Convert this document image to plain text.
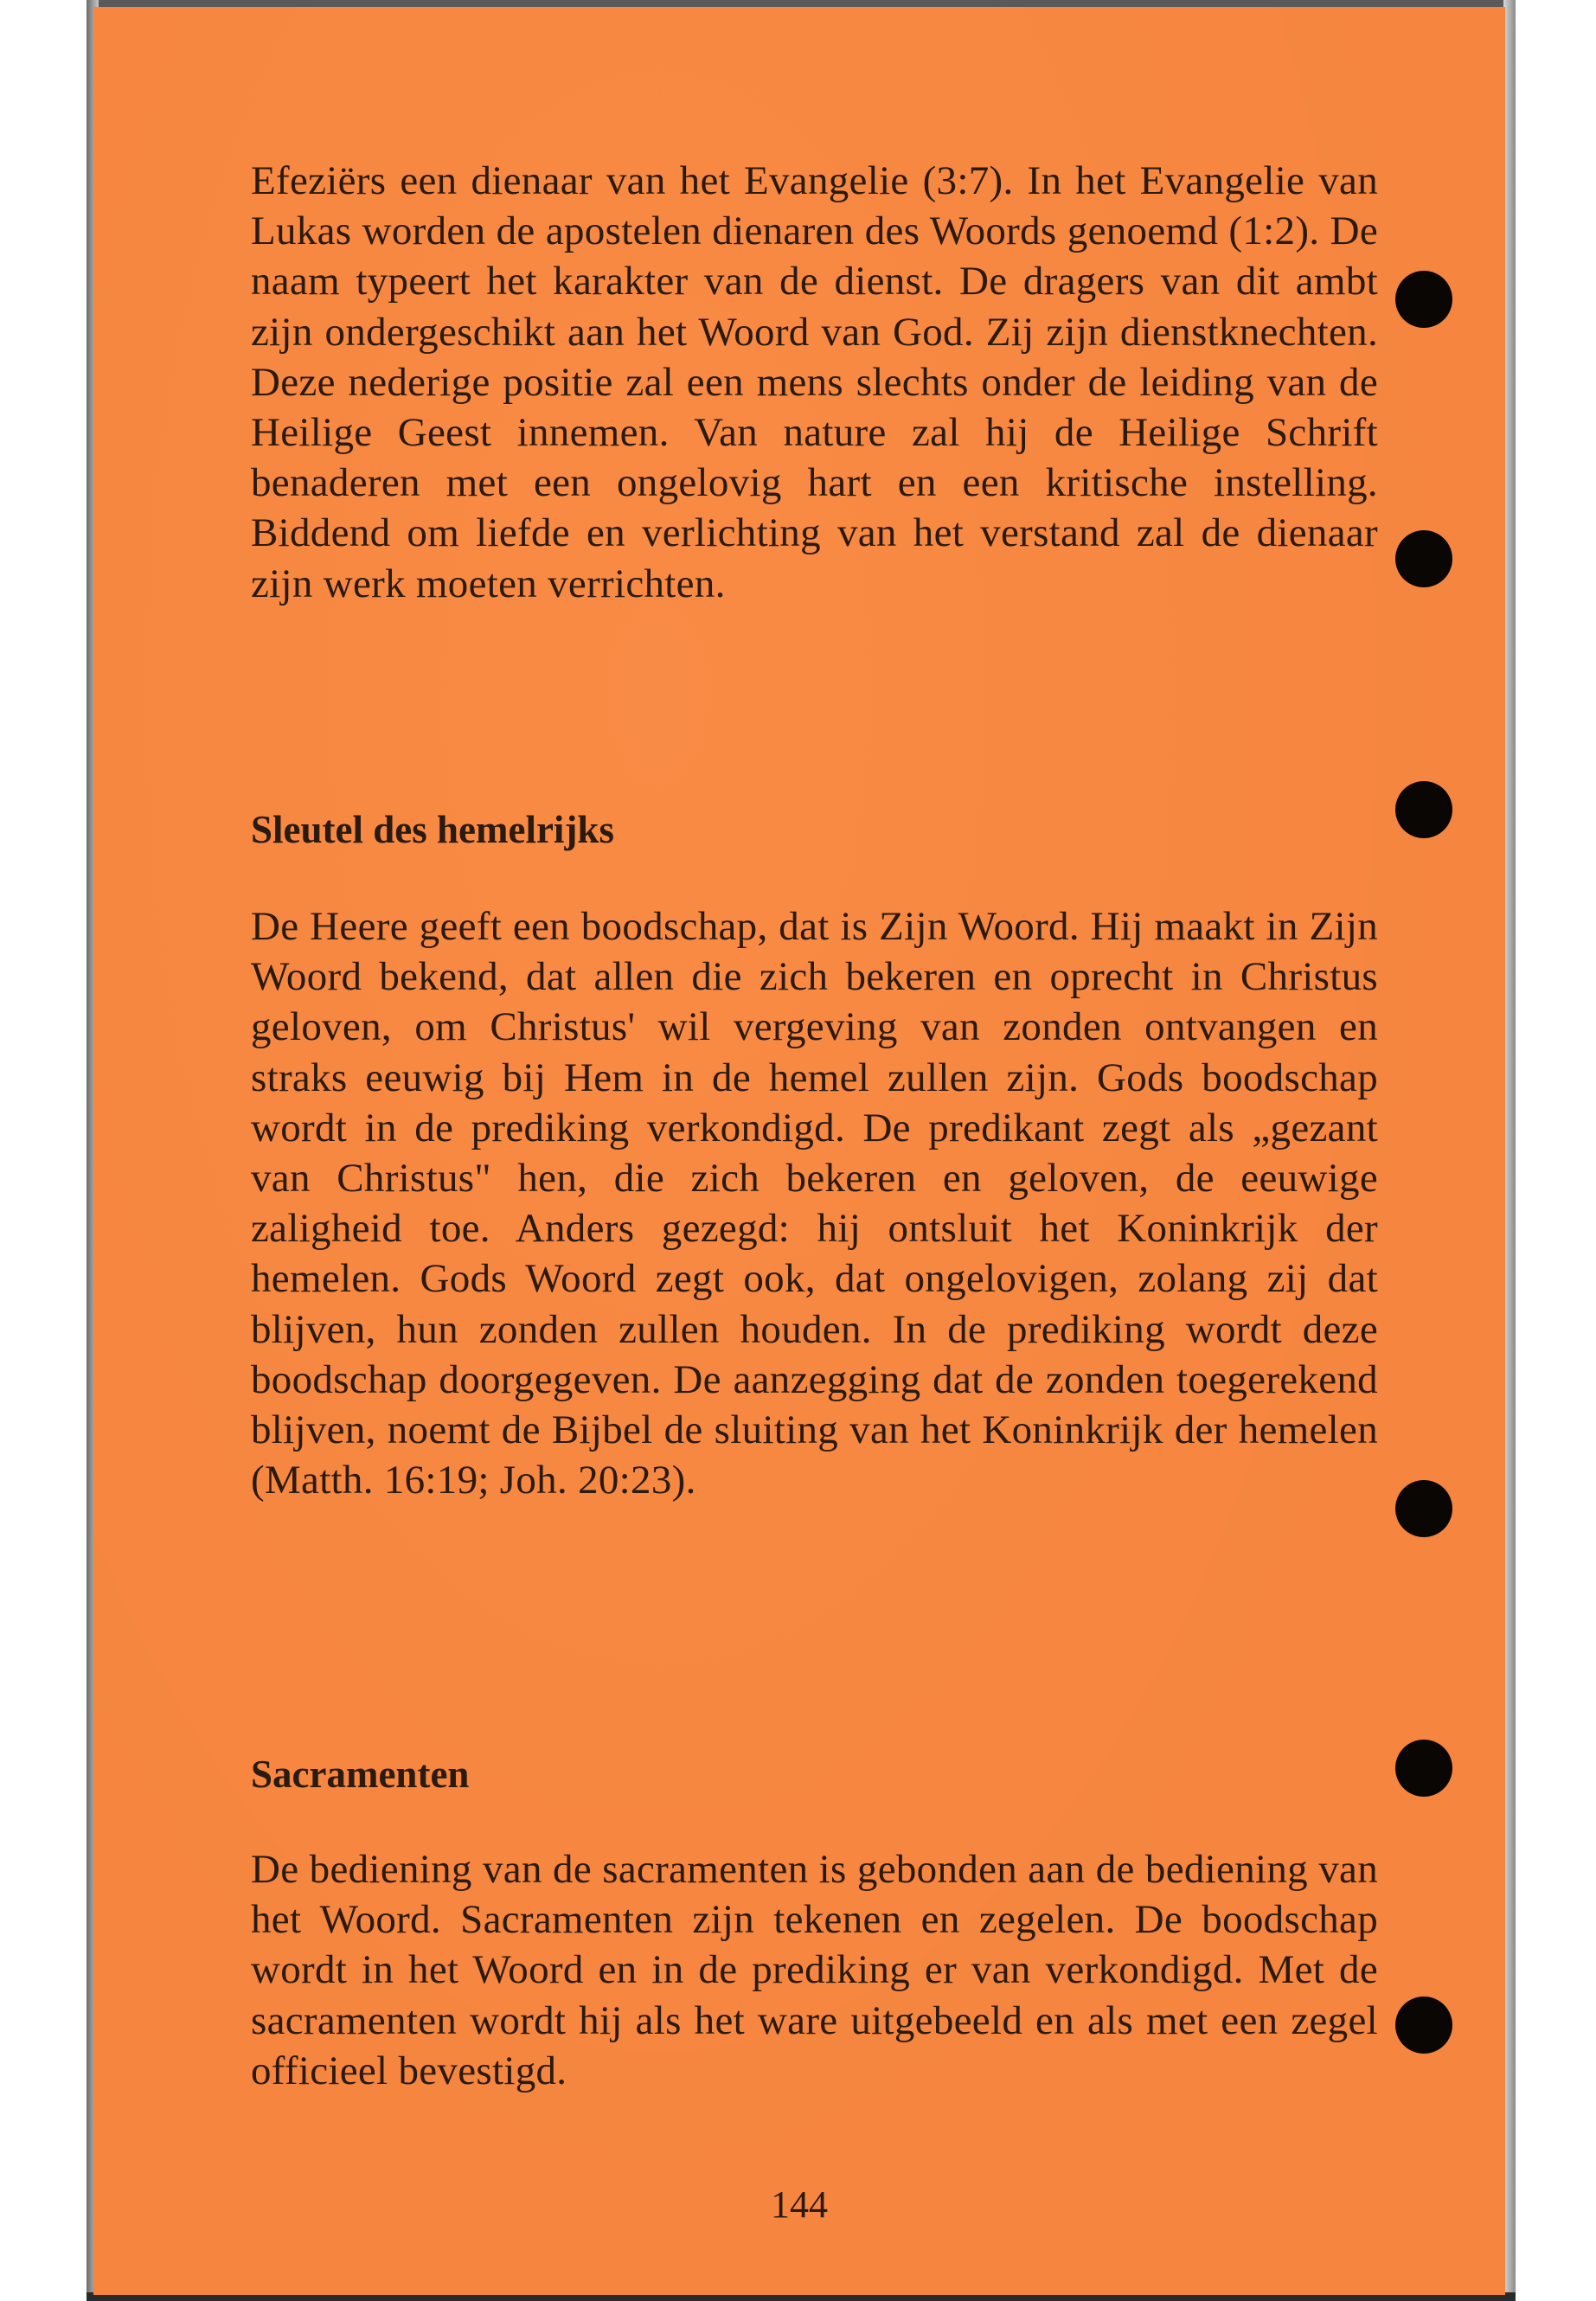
Efeziërs een dienaar van het Evangelie (3:7). In het Evangelie van Lukas worden de apostelen dienaren des Woords genoemd (1:2). De naam typeert het karakter van de dienst. De dragers van dit ambt zijn ondergeschikt aan het Woord van God. Zij zijn dienstknechten. Deze nederige positie zal een mens slechts onder de leiding van de Heilige Geest innemen. Van nature zal hij de Heilige Schrift benaderen met een ongelovig hart en een kritische instelling. Biddend om liefde en verlichting van het verstand zal de dienaar zijn werk moeten verrichten.

Sleutel des hemelrijks

De Heere geeft een boodschap, dat is Zijn Woord. Hij maakt in Zijn Woord bekend, dat allen die zich bekeren en oprecht in Christus geloven, om Christus' wil vergeving van zonden ontvangen en straks eeuwig bij Hem in de hemel zullen zijn. Gods boodschap wordt in de prediking verkondigd. De predikant zegt als „gezant van Christus" hen, die zich bekeren en geloven, de eeuwige zaligheid toe. Anders gezegd: hij ontsluit het Koninkrijk der hemelen. Gods Woord zegt ook, dat ongelovigen, zolang zij dat blijven, hun zonden zullen houden. In de prediking wordt deze boodschap doorgegeven. De aanzegging dat de zonden toegerekend blijven, noemt de Bijbel de sluiting van het Koninkrijk der hemelen (Matth. 16:19; Joh. 20:23).

Sacramenten

De bediening van de sacramenten is gebonden aan de bediening van het Woord. Sacramenten zijn tekenen en zegelen. De boodschap wordt in het Woord en in de prediking er van verkondigd. Met de sacramenten wordt hij als het ware uitgebeeld en als met een zegel officieel bevestigd.

144
